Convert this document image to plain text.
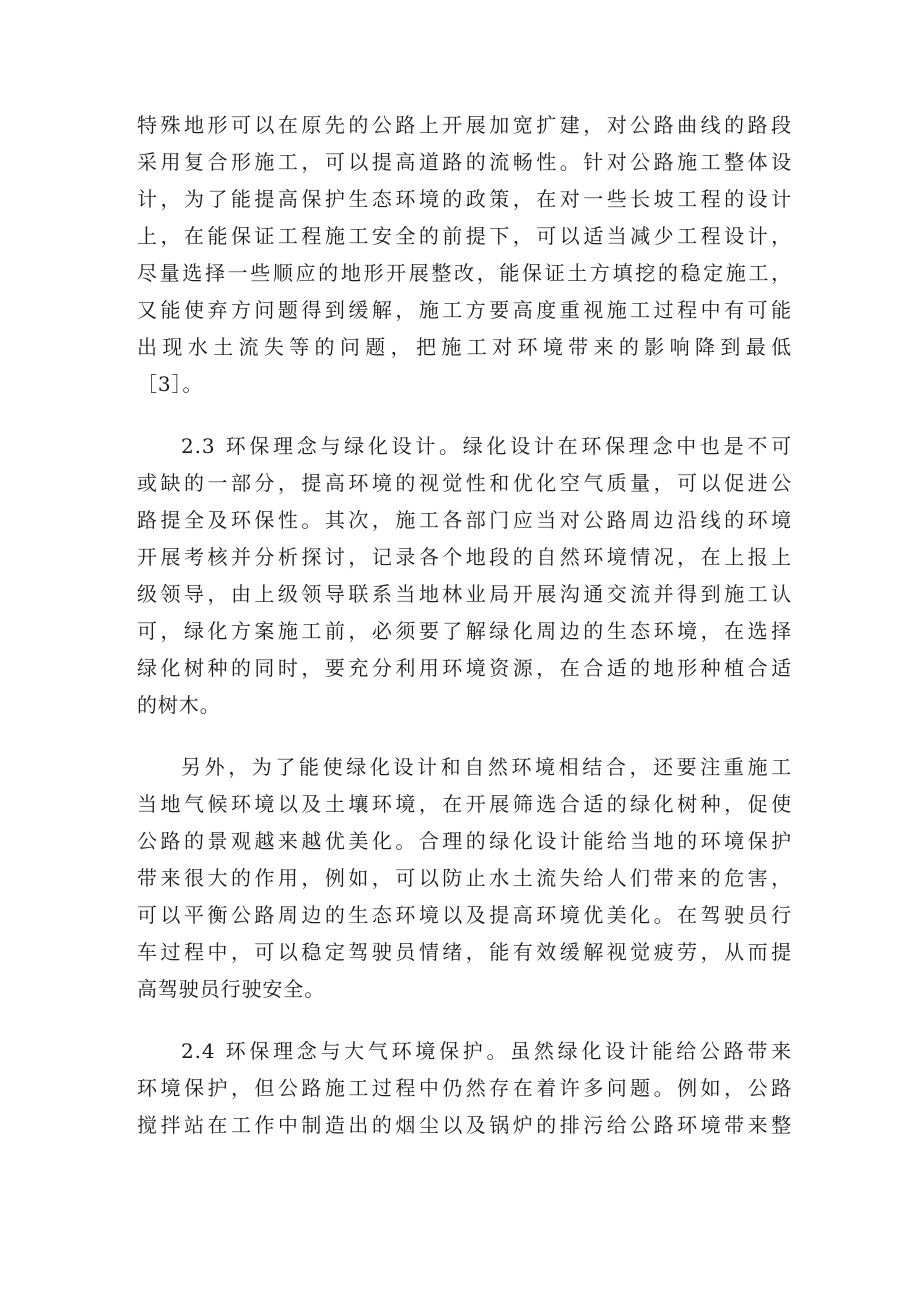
特殊地形可以在原先的公路上开展加宽扩建，对公路曲线的路段
采用复合形施工，可以提高道路的流畅性。针对公路施工整体设
计，为了能提高保护生态环境的政策，在对一些长坡工程的设计
上，在能保证工程施工安全的前提下，可以适当减少工程设计，
尽量选择一些顺应的地形开展整改，能保证土方填挖的稳定施工，
又能使弃方问题得到缓解，施工方要高度重视施工过程中有可能
出现水土流失等的问题，把施工对环境带来的影响降到最低
［3］。
2.3 环保理念与绿化设计。绿化设计在环保理念中也是不可
或缺的一部分，提高环境的视觉性和优化空气质量，可以促进公
路提全及环保性。其次，施工各部门应当对公路周边沿线的环境
开展考核并分析探讨，记录各个地段的自然环境情况，在上报上
级领导，由上级领导联系当地林业局开展沟通交流并得到施工认
可，绿化方案施工前，必须要了解绿化周边的生态环境，在选择
绿化树种的同时，要充分利用环境资源，在合适的地形种植合适
的树木。
另外，为了能使绿化设计和自然环境相结合，还要注重施工
当地气候环境以及土壤环境，在开展筛选合适的绿化树种，促使
公路的景观越来越优美化。合理的绿化设计能给当地的环境保护
带来很大的作用，例如，可以防止水土流失给人们带来的危害，
可以平衡公路周边的生态环境以及提高环境优美化。在驾驶员行
车过程中，可以稳定驾驶员情绪，能有效缓解视觉疲劳，从而提
高驾驶员行驶安全。
2.4 环保理念与大气环境保护。虽然绿化设计能给公路带来
环境保护，但公路施工过程中仍然存在着许多问题。例如，公路
搅拌站在工作中制造出的烟尘以及锅炉的排污给公路环境带来整
